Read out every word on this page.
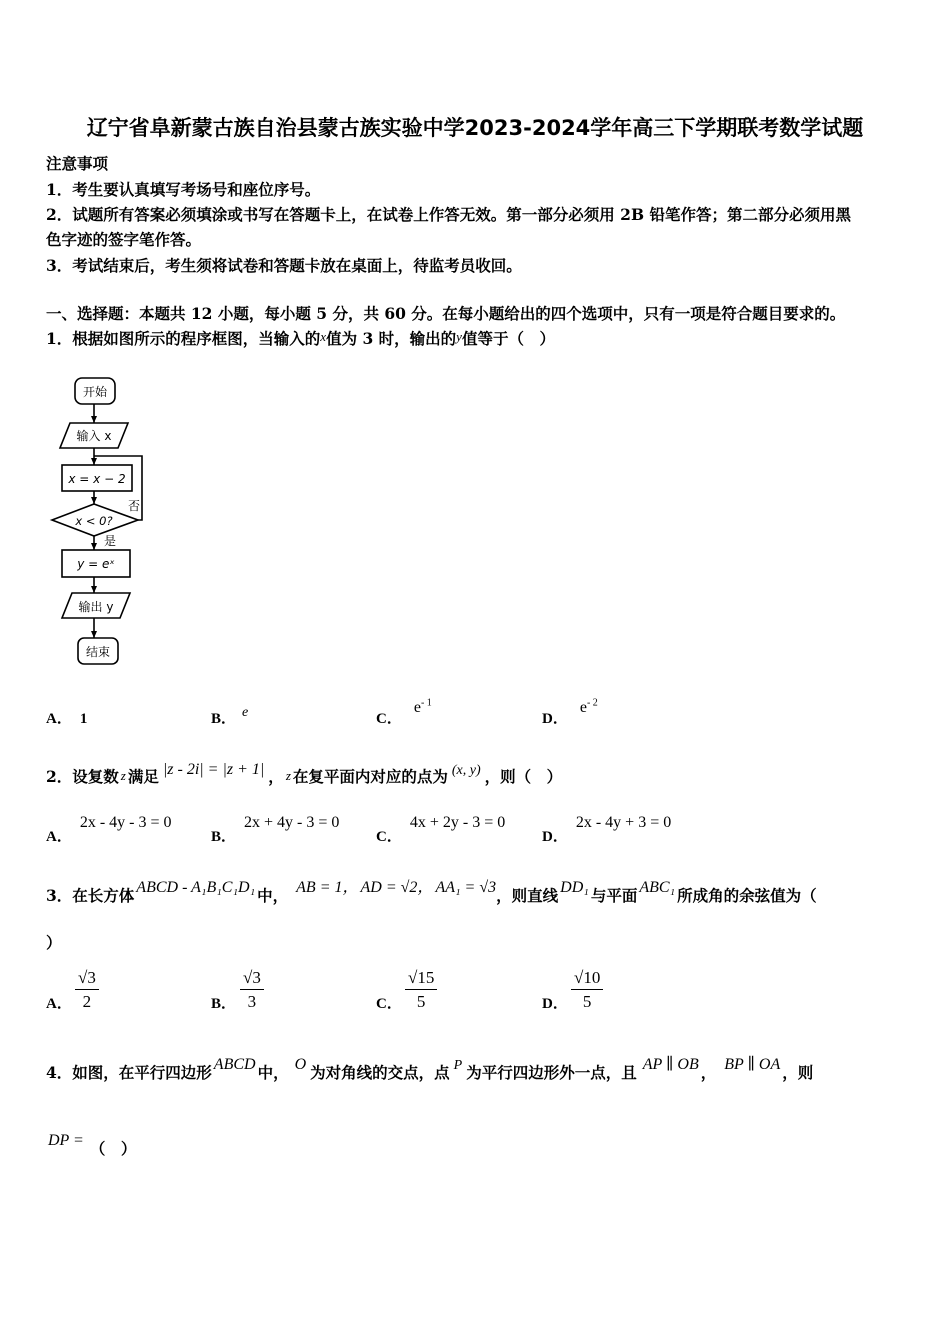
辽宁省阜新蒙古族自治县蒙古族实验中学2023-2024学年高三下学期联考数学试题
注意事项
1．考生要认真填写考场号和座位序号。
2．试题所有答案必须填涂或书写在答题卡上，在试卷上作答无效。第一部分必须用 2B 铅笔作答；第二部分必须用黑
色字迹的签字笔作答。
3．考试结束后，考生须将试卷和答题卡放在桌面上，待监考员收回。
一、选择题：本题共 12 小题，每小题 5 分，共 60 分。在每小题给出的四个选项中，只有一项是符合题目要求的。
1．根据如图所示的程序框图，当输入的x值为 3 时，输出的y值等于（　）
开始
输入 x
x = x − 2
x < 0?
否
是
y = eˣ
输出 y
结束
A． 1	B． e	C．$e^{- 1}$
D．$e^{- 2}$
2．设复数 $_z$ 满足 |z - 2i| = |z + 1| ， $_z$ 在复平面内对应的点为 (x, y) ，则（　）
A．2x - 4y - 3 = 0
B．2x + 4y - 3 = 0
C．4x + 2y - 3 = 0
D．2x - 4y + 3 = 0
3．在长方体 ABCD - A₁B₁C₁D₁ 中， AB = 1， AD = √2， AA₁ = √3，则直线 DD₁ 与平面 ABC₁ 所成角的余弦值为（
）
A． $\frac{√3}{2}$	B． $\frac{√3}{3}$	C． $\frac{√15}{5}$	D． $\frac{√10}{5}$
4．如图，在平行四边形 ABCD 中， O 为对角线的交点，点 P 为平行四边形外一点，且 AP ∥ OB ， BP ∥ OA ，则
DP = （　）
